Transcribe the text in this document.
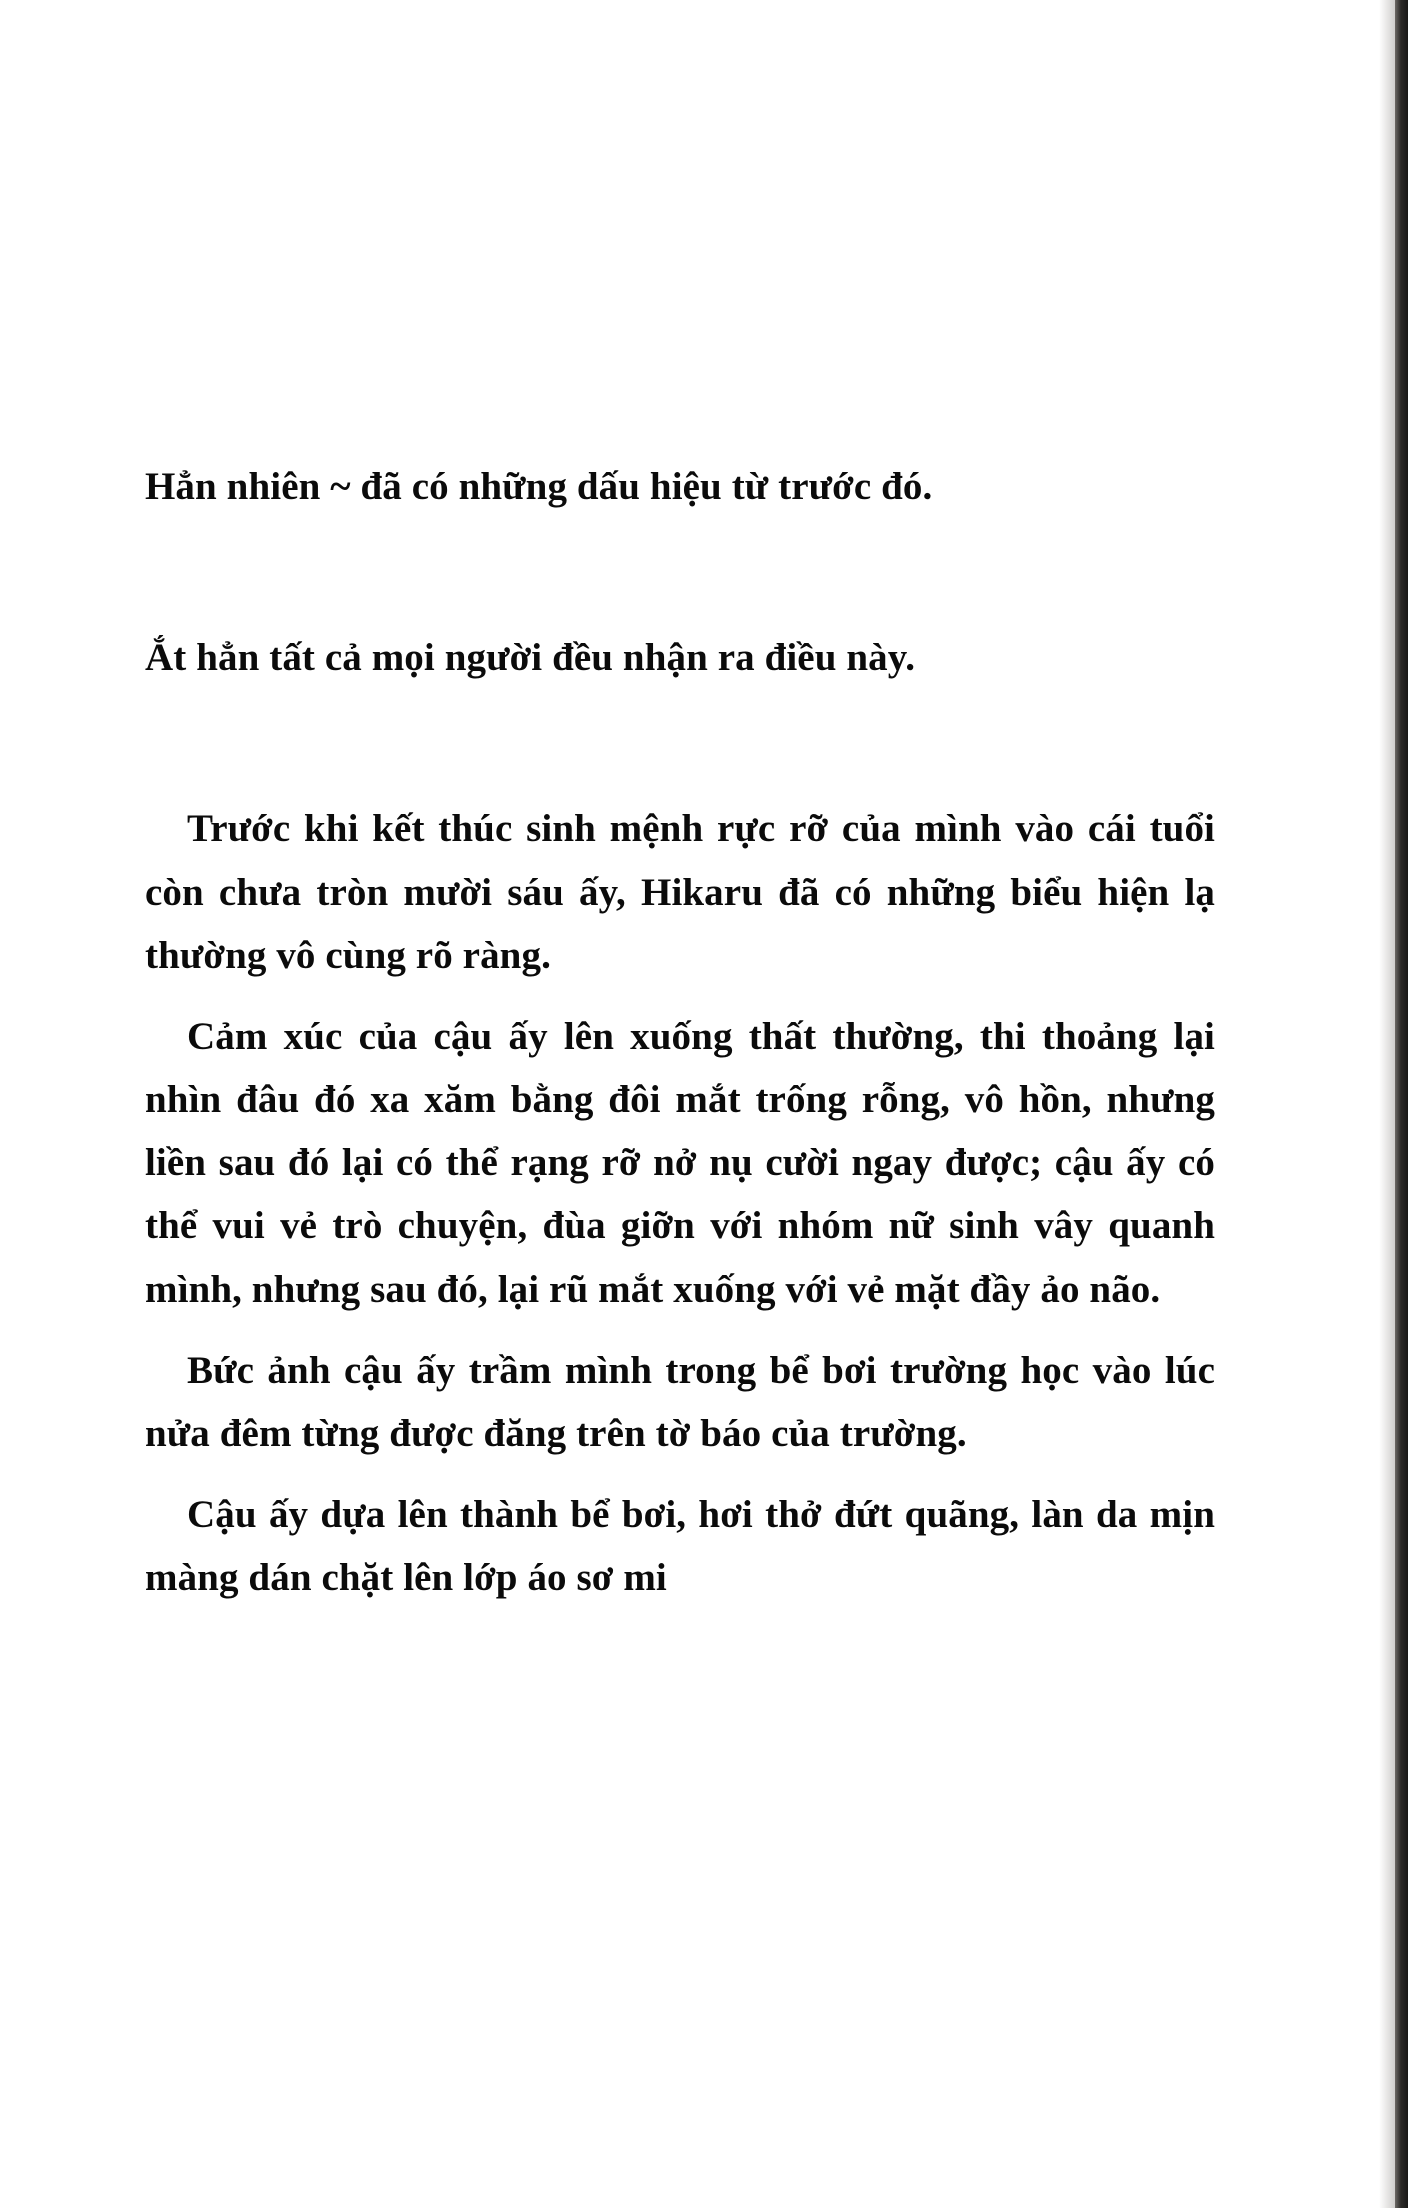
Hẳn nhiên ~ đã có những dấu hiệu từ trước đó.

Ắt hẳn tất cả mọi người đều nhận ra điều này.

Trước khi kết thúc sinh mệnh rực rỡ của mình vào cái tuổi còn chưa tròn mười sáu ấy, Hikaru đã có những biểu hiện lạ thường vô cùng rõ ràng.

Cảm xúc của cậu ấy lên xuống thất thường, thi thoảng lại nhìn đâu đó xa xăm bằng đôi mắt trống rỗng, vô hồn, nhưng liền sau đó lại có thể rạng rỡ nở nụ cười ngay được; cậu ấy có thể vui vẻ trò chuyện, đùa giỡn với nhóm nữ sinh vây quanh mình, nhưng sau đó, lại rũ mắt xuống với vẻ mặt đầy ảo não.

Bức ảnh cậu ấy trầm mình trong bể bơi trường học vào lúc nửa đêm từng được đăng trên tờ báo của trường.

Cậu ấy dựa lên thành bể bơi, hơi thở đứt quãng, làn da mịn màng dán chặt lên lớp áo sơ mi
